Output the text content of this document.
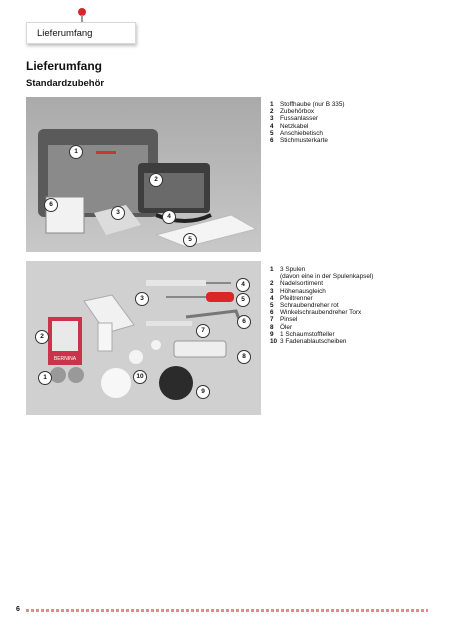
Lieferumfang
Lieferumfang
Standardzubehör
1
2
3
4
5
6
1	Stoffhaube (nur B 335)
2	Zubehörbox
3	Fussanlasser
4	Netzkabel
5	Anschiebetisch
6	Stichmusterkarte
BERNINA
1
2
3
4
5
6
7
8
9
10
1	3 Spulen
(davon eine in der Spulenkapsel)
2	Nadelsortiment
3	Höhenausgleich
4	Pfeiltrenner
5	Schraubendreher rot
6	Winkelschraubendreher Torx
7	Pinsel
8	Öler
9	1 Schaumstoffteller
10 3 Fadenablautscheiben
6
